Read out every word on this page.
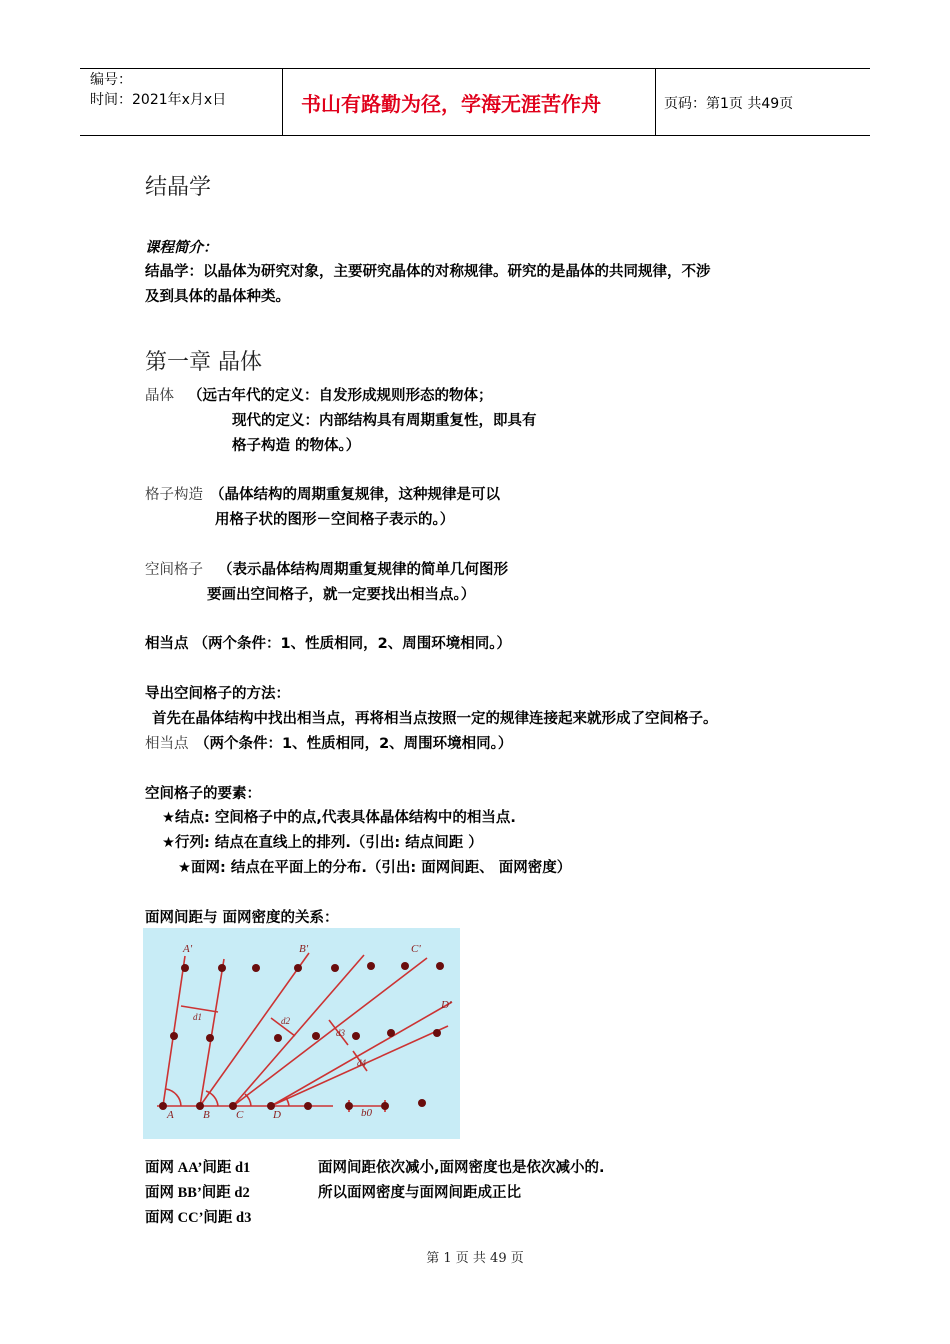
编号：
时间：2021年x月x日	书山有路勤为径，学海无涯苦作舟	页码：第1页 共49页
结晶学
课程简介：
结晶学：以晶体为研究对象，主要研究晶体的对称规律。研究的是晶体的共同规律，不涉
及到具体的晶体种类。
第一章 晶体
晶体 （远古年代的定义：自发形成规则形态的物体；
现代的定义：内部结构具有周期重复性，即具有
格子构造 的物体。）
格子构造 （晶体结构的周期重复规律，这种规律是可以
用格子状的图形－空间格子表示的。）
空间格子 （表示晶体结构周期重复规律的简单几何图形
要画出空间格子，就一定要找出相当点。）
相当点 （两个条件：1、性质相同，2、周围环境相同。）
导出空间格子的方法：
首先在晶体结构中找出相当点，再将相当点按照一定的规律连接起来就形成了空间格子。
相当点 （两个条件：1、性质相同，2、周围环境相同。）
空间格子的要素：
★结点: 空间格子中的点,代表具体晶体结构中的相当点.
★行列: 结点在直线上的排列.（引出: 结点间距 ）
★面网: 结点在平面上的分布.（引出: 面网间距、 面网密度）
面网间距与 面网密度的关系：
A	B C	D
A'	B'	C'
D'
d1	d2
d3
d4
b0
面网 AA’间距 d1
面网 BB’间距 d2
面网 CC’间距 d3
面网间距依次减小,面网密度也是依次减小的.
所以面网密度与面网间距成正比
第 1 页 共 49 页
